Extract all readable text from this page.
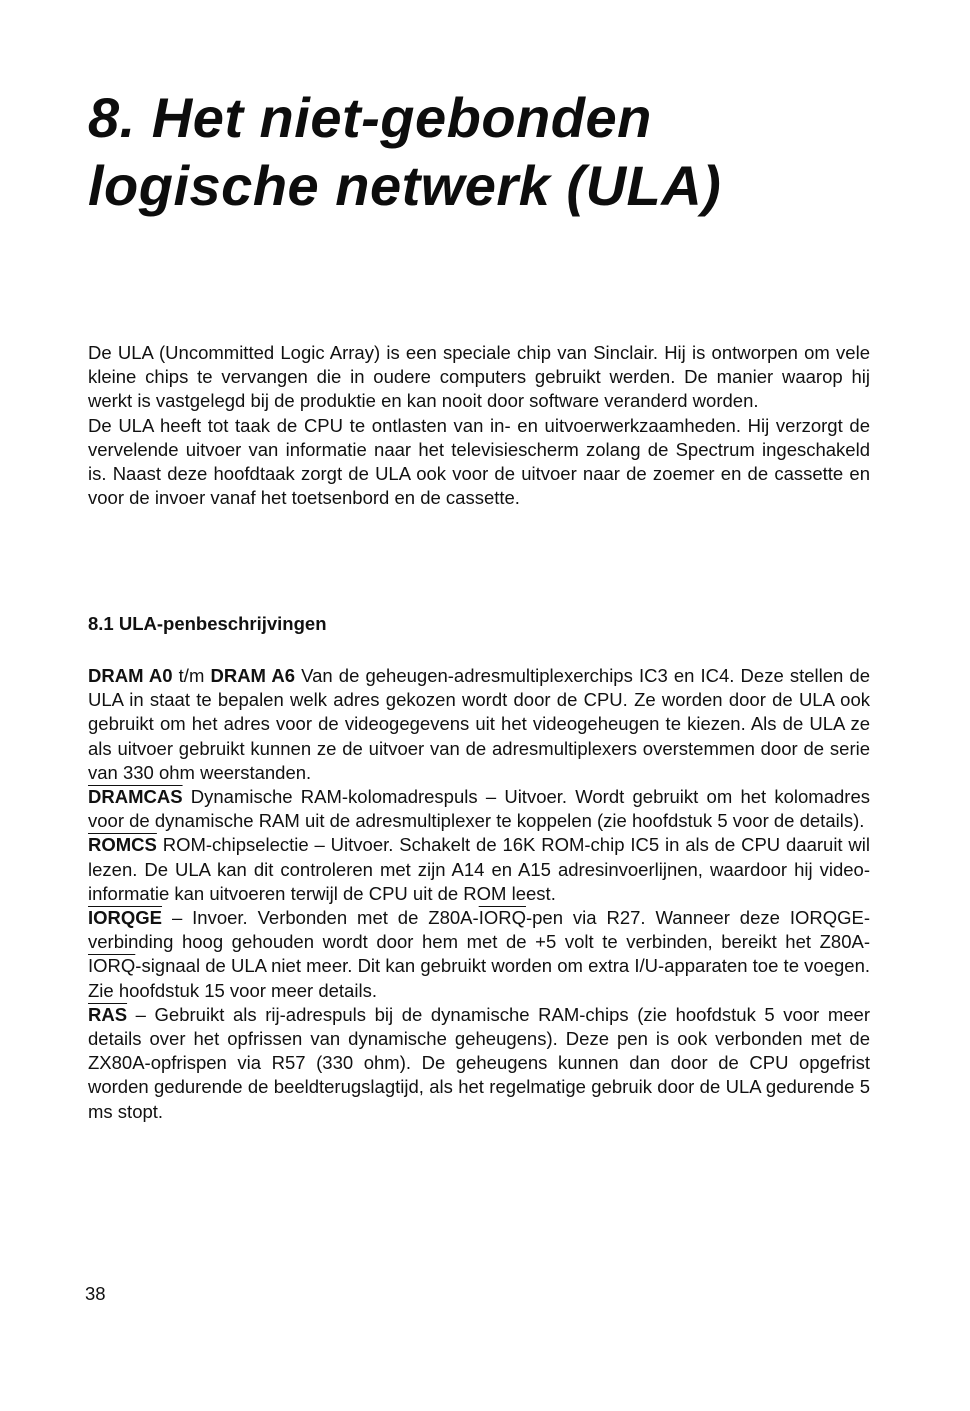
8. Het niet-gebonden
logische netwerk (ULA)

De ULA (Uncommitted Logic Array) is een speciale chip van Sinclair. Hij is ontworpen om vele kleine chips te vervangen die in oudere computers gebruikt werden. De manier waarop hij werkt is vastgelegd bij de produktie en kan nooit door software veranderd worden.

De ULA heeft tot taak de CPU te ontlasten van in- en uitvoerwerkzaamheden. Hij verzorgt de vervelende uitvoer van informatie naar het televisiescherm zolang de Spectrum ingeschakeld is. Naast deze hoofdtaak zorgt de ULA ook voor de uitvoer naar de zoemer en de cassette en voor de invoer vanaf het toetsenbord en de cassette.

8.1 ULA-penbeschrijvingen

DRAM A0 t/m DRAM A6 Van de geheugen-adresmultiplexerchips IC3 en IC4. Deze stellen de ULA in staat te bepalen welk adres gekozen wordt door de CPU. Ze worden door de ULA ook gebruikt om het adres voor de videogegevens uit het videogeheugen te kiezen. Als de ULA ze als uitvoer gebruikt kunnen ze de uitvoer van de adresmultiplexers overstemmen door de serie van 330 ohm weerstanden.

DRAMCAS Dynamische RAM-kolomadrespuls – Uitvoer. Wordt gebruikt om het kolomadres voor de dynamische RAM uit de adresmultiplexer te koppelen (zie hoofdstuk 5 voor de details).

ROMCS ROM-chipselectie – Uitvoer. Schakelt de 16K ROM-chip IC5 in als de CPU daaruit wil lezen. De ULA kan dit controleren met zijn A14 en A15 adresinvoerlijnen, waardoor hij video-informatie kan uitvoeren terwijl de CPU uit de ROM leest.

IORQGE – Invoer. Verbonden met de Z80A-IORQ-pen via R27. Wanneer deze IORQGE-verbinding hoog gehouden wordt door hem met de +5 volt te verbinden, bereikt het Z80A-IORQ-signaal de ULA niet meer. Dit kan gebruikt worden om extra I/U-apparaten toe te voegen. Zie hoofdstuk 15 voor meer details.

$\overline{RAS}$ – Gebruikt als rij-adrespuls bij de dynamische RAM-chips (zie hoofdstuk 5 voor meer details over het opfrissen van dynamische geheugens). Deze pen is ook verbonden met de ZX80A-opfrispen via R57 (330 ohm). De geheugens kunnen dan door de CPU opgefrist worden gedurende de beeldterugslagtijd, als het regelmatige gebruik door de ULA gedurende 5 ms stopt.

38
